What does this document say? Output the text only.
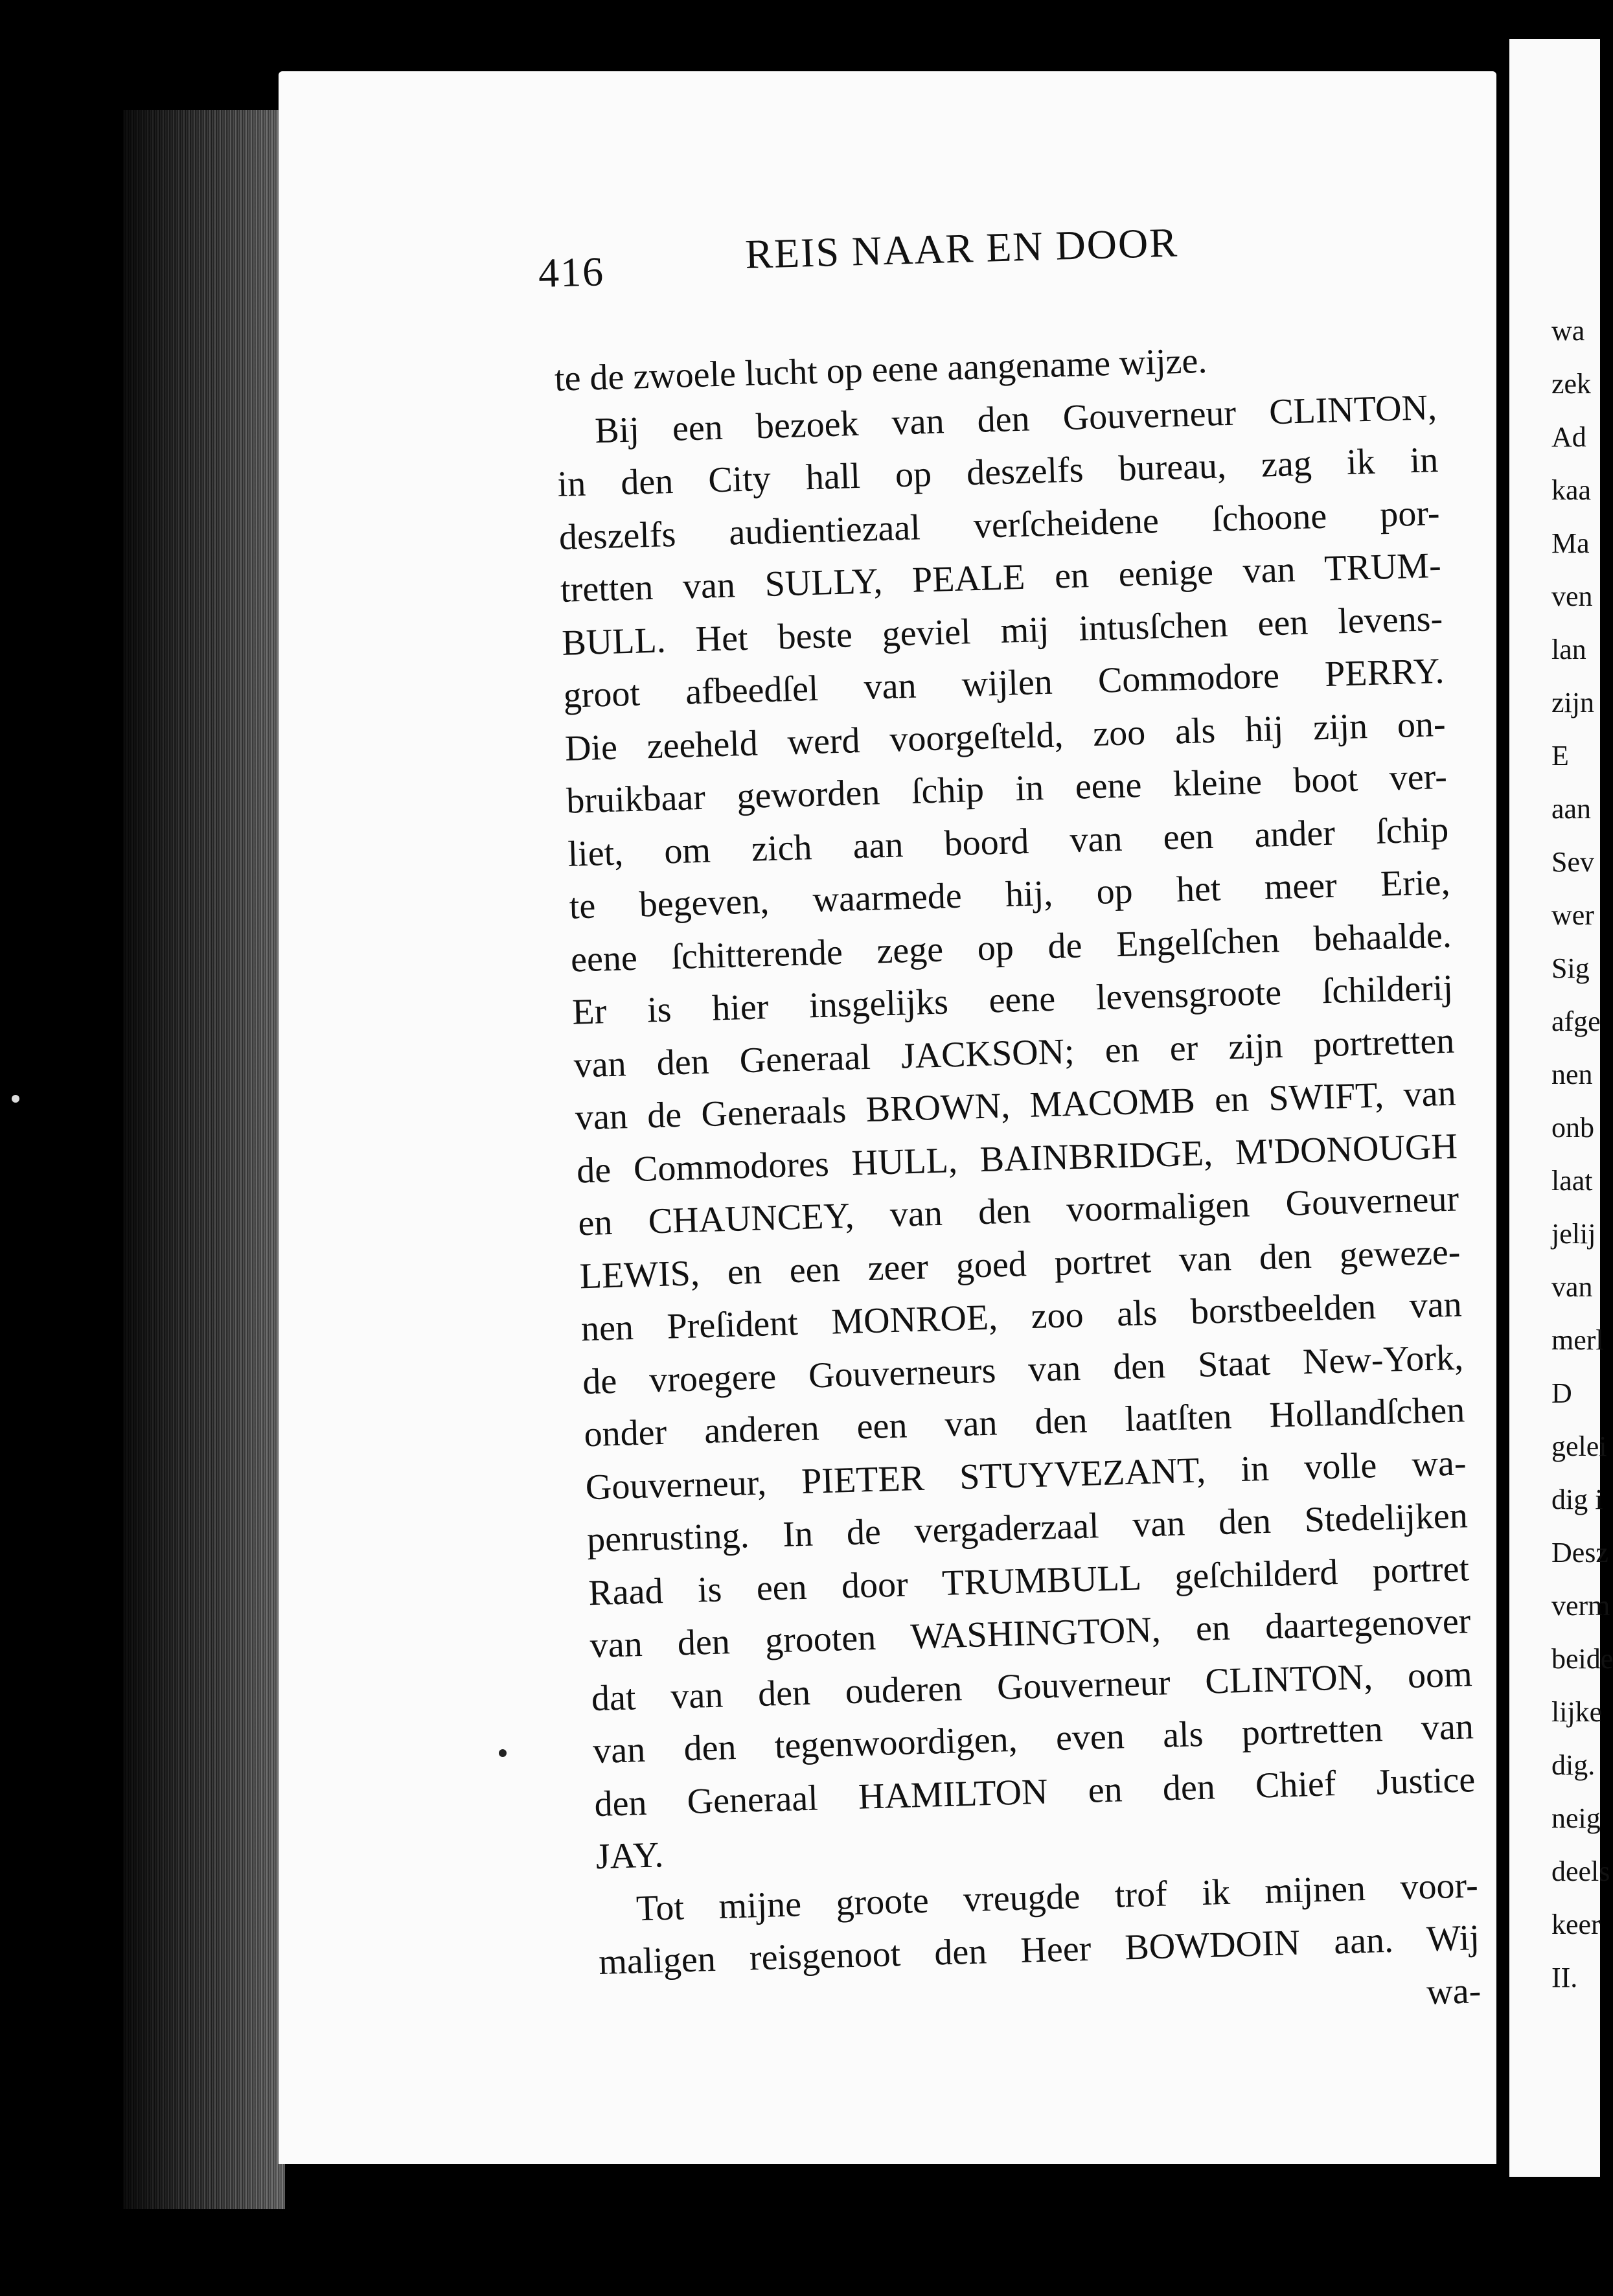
wa
zek
Ad
kaa
Ma
ven
lan
zijn
E
aan
Sev
wer
Sig
afge
nen
onb
laat
jelij
van
merl
D
gelei
dig i
Desz
verm
beide
lijke
dig.
neig
deels
keer
II.
416	REIS NAAR EN DOOR
te de zwoele lucht op eene aangename wijze.
Bij een bezoek van den Gouverneur CLINTON,
in den City hall op deszelfs bureau, zag ik in
deszelfs audientiezaal verſcheidene ſchoone por-
tretten van SULLY, PEALE en eenige van TRUM-
BULL. Het beste geviel mij intusſchen een levens-
groot afbeedſel van wijlen Commodore PERRY.
Die zeeheld werd voorgeſteld, zoo als hij zijn on-
bruikbaar geworden ſchip in eene kleine boot ver-
liet, om zich aan boord van een ander ſchip
te begeven, waarmede hij, op het meer Erie,
eene ſchitterende zege op de Engelſchen behaalde.
Er is hier insgelijks eene levensgroote ſchilderij
van den Generaal JACKSON; en er zijn portretten
van de Generaals BROWN, MACOMB en SWIFT, van
de Commodores HULL, BAINBRIDGE, M'DONOUGH
en CHAUNCEY, van den voormaligen Gouverneur
LEWIS, en een zeer goed portret van den geweze-
nen Preſident MONROE, zoo als borstbeelden van
de vroegere Gouverneurs van den Staat New-York,
onder anderen een van den laatſten Hollandſchen
Gouverneur, PIETER STUYVEZANT, in volle wa-
penrusting. In de vergaderzaal van den Stedelijken
Raad is een door TRUMBULL geſchilderd portret
van den grooten WASHINGTON, en daartegenover
dat van den ouderen Gouverneur CLINTON, oom
van den tegenwoordigen, even als portretten van
den Generaal HAMILTON en den Chief Justice
JAY.
Tot mijne groote vreugde trof ik mijnen voor-
maligen reisgenoot den Heer BOWDOIN aan. Wij
wa-
